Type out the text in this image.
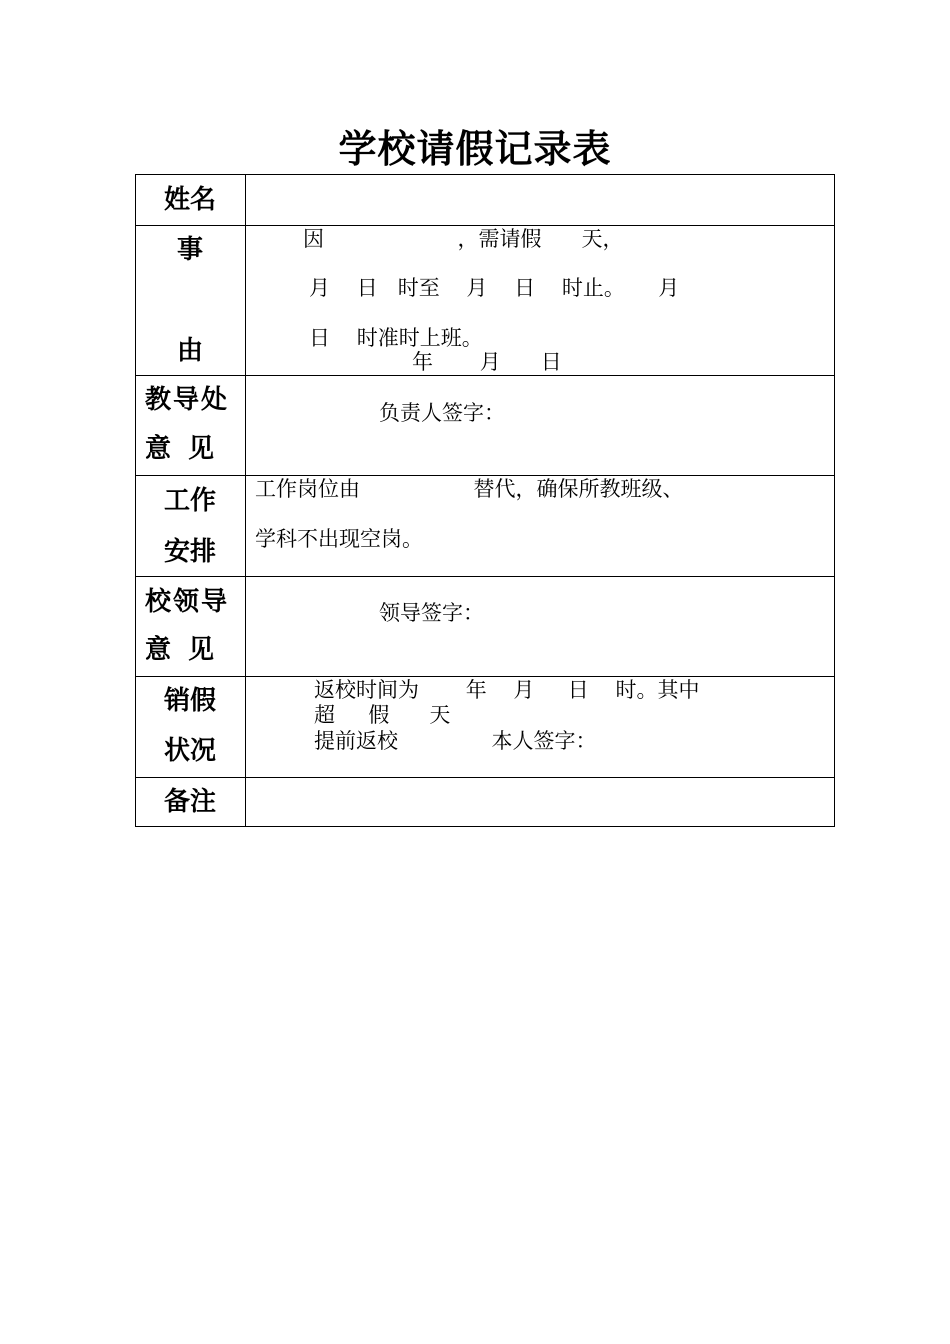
学校请假记录表
姓名
事
由
因                    ，需请假      天，
月    日   时至    月    日    时止。     月
日    时准时上班。
年       月      日
教导处
意 见
负责人签字：
工作
安排
工作岗位由                 替代，确保所教班级、
学科不出现空岗。
校领导
意 见
领导签字：
销假
状况
返校时间为       年    月     日    时。其中
超     假      天
提前返校              本人签字：
备注
